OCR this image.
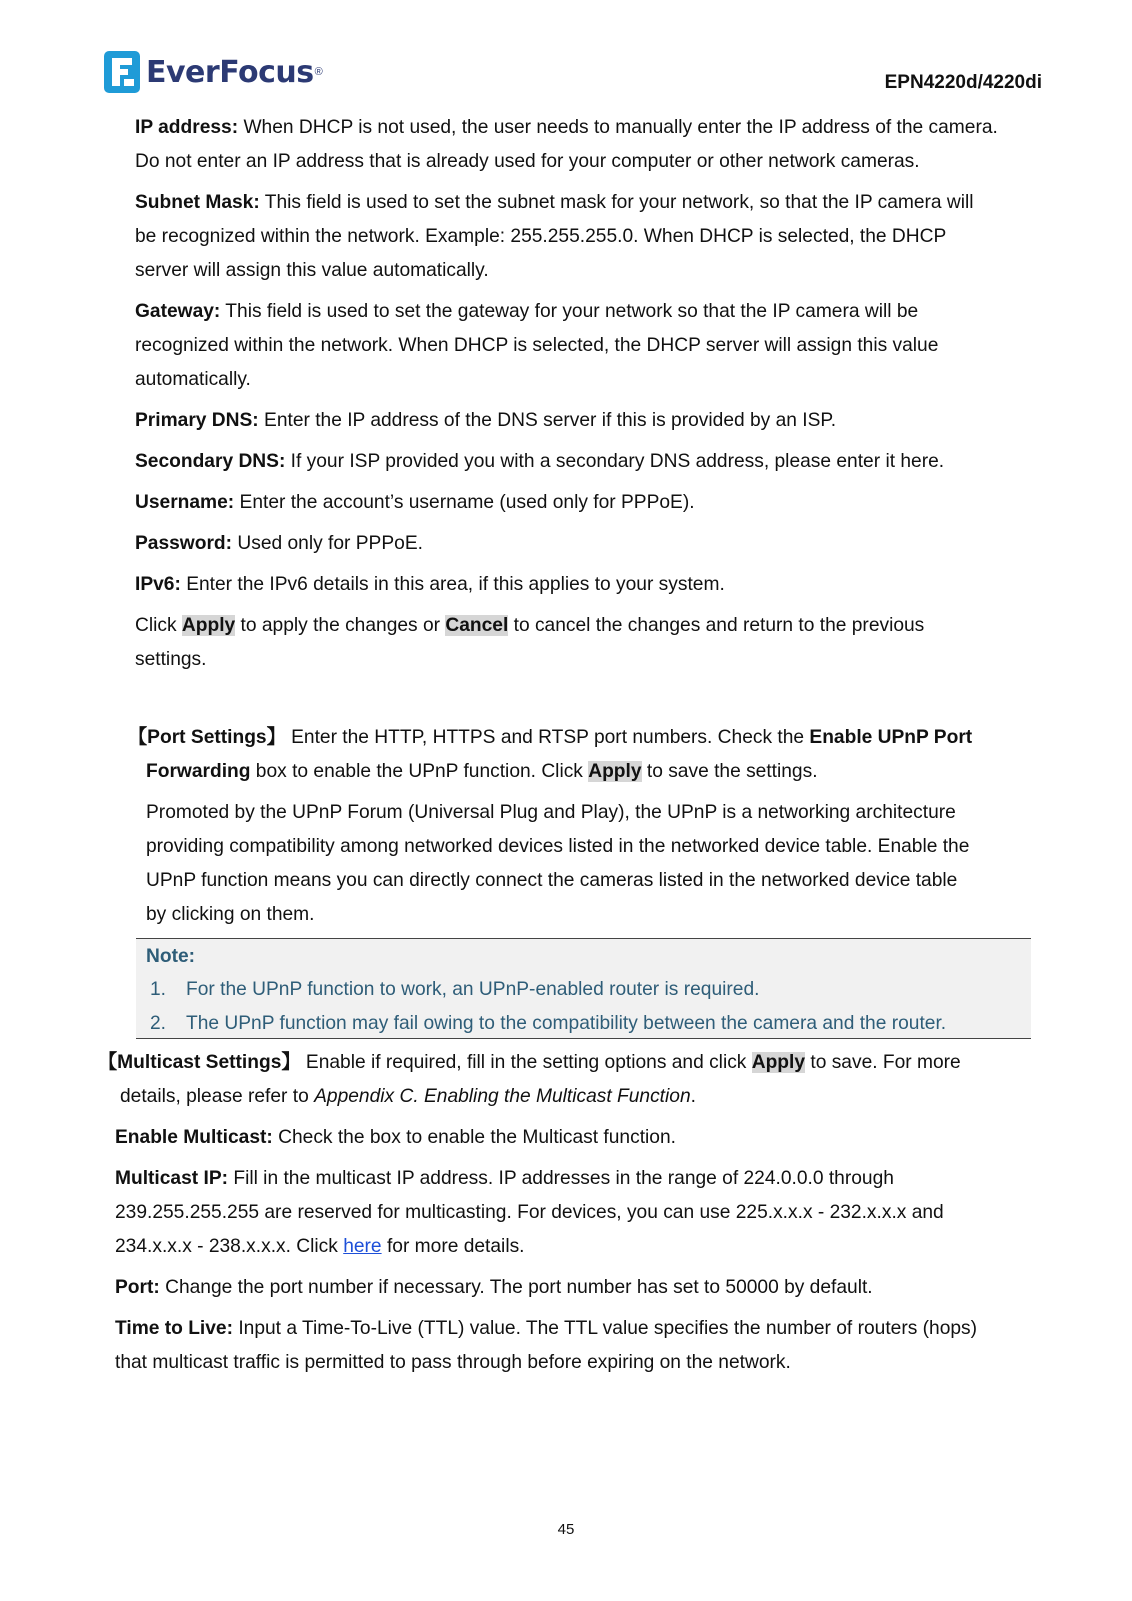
EverFocus ®	EPN4220d/4220di

IP address: When DHCP is not used, the user needs to manually enter the IP address of the camera.
Do not enter an IP address that is already used for your computer or other network cameras.

Subnet Mask: This field is used to set the subnet mask for your network, so that the IP camera will
be recognized within the network. Example: 255.255.255.0. When DHCP is selected, the DHCP
server will assign this value automatically.

Gateway: This field is used to set the gateway for your network so that the IP camera will be
recognized within the network. When DHCP is selected, the DHCP server will assign this value
automatically.

Primary DNS: Enter the IP address of the DNS server if this is provided by an ISP.

Secondary DNS: If your ISP provided you with a secondary DNS address, please enter it here.

Username: Enter the account’s username (used only for PPPoE).

Password: Used only for PPPoE.

IPv6: Enter the IPv6 details in this area, if this applies to your system.

Click Apply to apply the changes or Cancel to cancel the changes and return to the previous
settings.

【Port Settings】 Enter the HTTP, HTTPS and RTSP port numbers. Check the Enable UPnP Port
Forwarding box to enable the UPnP function. Click Apply to save the settings.

Promoted by the UPnP Forum (Universal Plug and Play), the UPnP is a networking architecture
providing compatibility among networked devices listed in the networked device table. Enable the
UPnP function means you can directly connect the cameras listed in the networked device table
by clicking on them.

Note:
1. For the UPnP function to work, an UPnP-enabled router is required.
2. The UPnP function may fail owing to the compatibility between the camera and the router.

【Multicast Settings】 Enable if required, fill in the setting options and click Apply to save. For more
details, please refer to Appendix C. Enabling the Multicast Function.

Enable Multicast: Check the box to enable the Multicast function.

Multicast IP: Fill in the multicast IP address. IP addresses in the range of 224.0.0.0 through
239.255.255.255 are reserved for multicasting. For devices, you can use 225.x.x.x - 232.x.x.x and
234.x.x.x - 238.x.x.x. Click here for more details.

Port: Change the port number if necessary. The port number has set to 50000 by default.

Time to Live: Input a Time-To-Live (TTL) value. The TTL value specifies the number of routers (hops)
that multicast traffic is permitted to pass through before expiring on the network.

45
